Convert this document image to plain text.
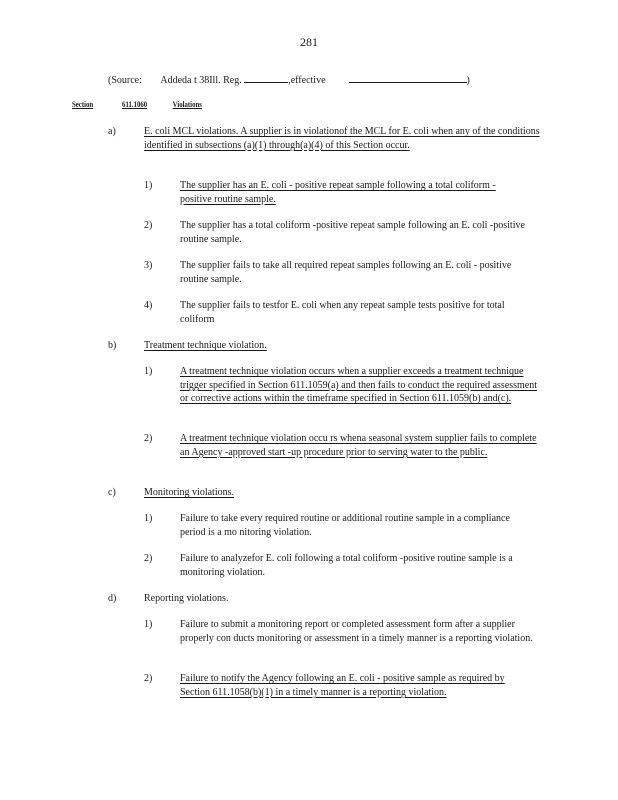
281
(Source: Addeda t 38Ill. Reg.	,effective	)
Section	611.1060	Violations
a)	E. coli MCL violations. A supplier is in violationof the MCL for E. coli when any of the conditions identified in subsections (a)(1) through(a)(4) of this Section occur.
1)	The supplier has an E. coli - positive repeat sample following a total coliform -positive routine sample.
2)	The supplier has a total coliform -positive repeat sample following an E. coli -positive routine sample.
3)	The supplier fails to take all required repeat samples following an E. coli - positive routine sample.
4)	The supplier fails to testfor E. coli when any repeat sample tests positive for total coliform
b)	Treatment technique violation.
1)	A treatment technique violation occurs when a supplier exceeds a treatment technique trigger specified in Section 611.1059(a) and then fails to conduct the required assessment or corrective actions within the timeframe specified in Section 611.1059(b) and(c).
2)	A treatment technique violation occu rs whena seasonal system supplier fails to complete an Agency -approved start -up procedure prior to serving water to the public.
c)	Monitoring violations.
1)	Failure to take every required routine or additional routine sample in a compliance period is a mo nitoring violation.
2)	Failure to analyzefor E. coli following a total coliform -positive routine sample is a monitoring violation.
d)	Reporting violations.
1)	Failure to submit a monitoring report or completed assessment form after a supplier properly con ducts monitoring or assessment in a timely manner is a reporting violation.
2)	Failure to notify the Agency following an E. coli - positive sample as required by Section 611.1058(b)(1) in a timely manner is a reporting violation.
